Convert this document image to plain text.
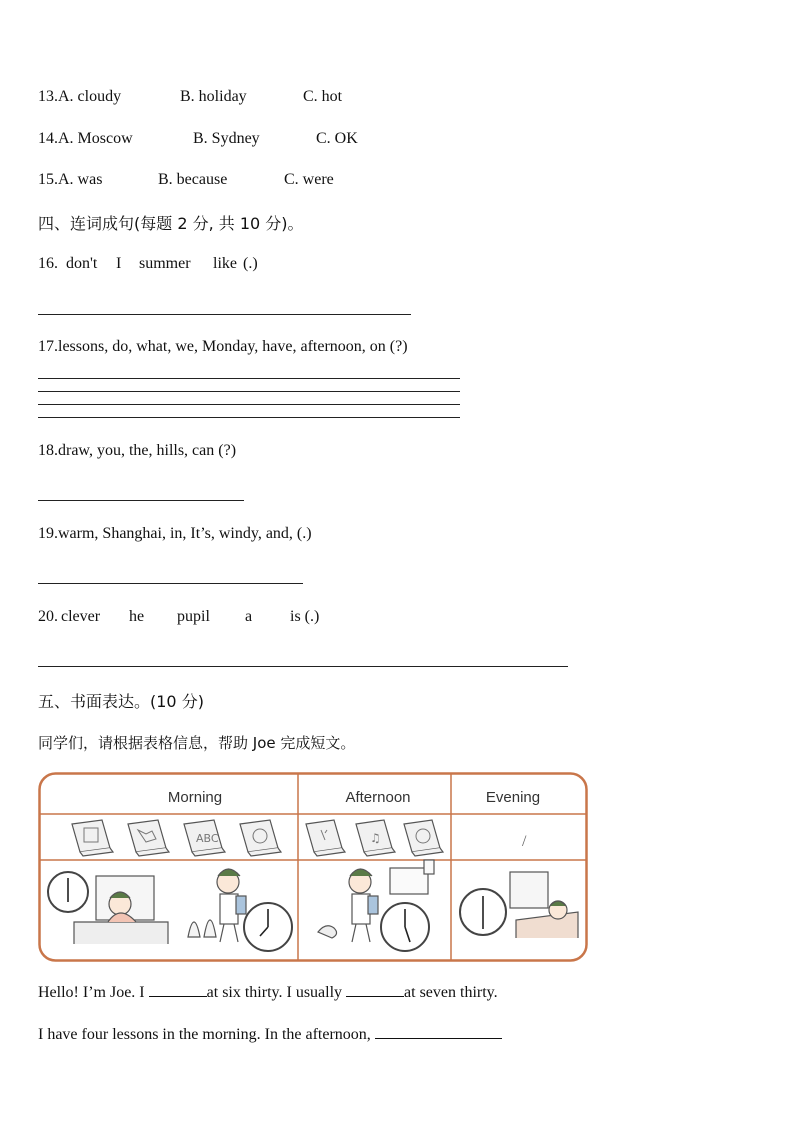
13.A. cloudy	B. holiday	C. hot
14.A. Moscow	B. Sydney	C. OK
15.A. was	B. because	C. were
四、连词成句(每题 2 分, 共 10 分)。
16. don't I summer like (.)
17.lessons, do, what, we, Monday, have, afternoon, on (?)
18.draw, you, the, hills, can (?)
19.warm, Shanghai, in, It’s, windy, and, (.)
20. clever he pupil a is (.)
五、书面表达。(10 分)
同学们，请根据表格信息，帮助 Joe 完成短文。
Morning	Afternoon	Evening
ABC	♫	/
Hello! I’m Joe. I	at six thirty. I usually	at seven thirty.
I have four lessons in the morning. In the afternoon,
